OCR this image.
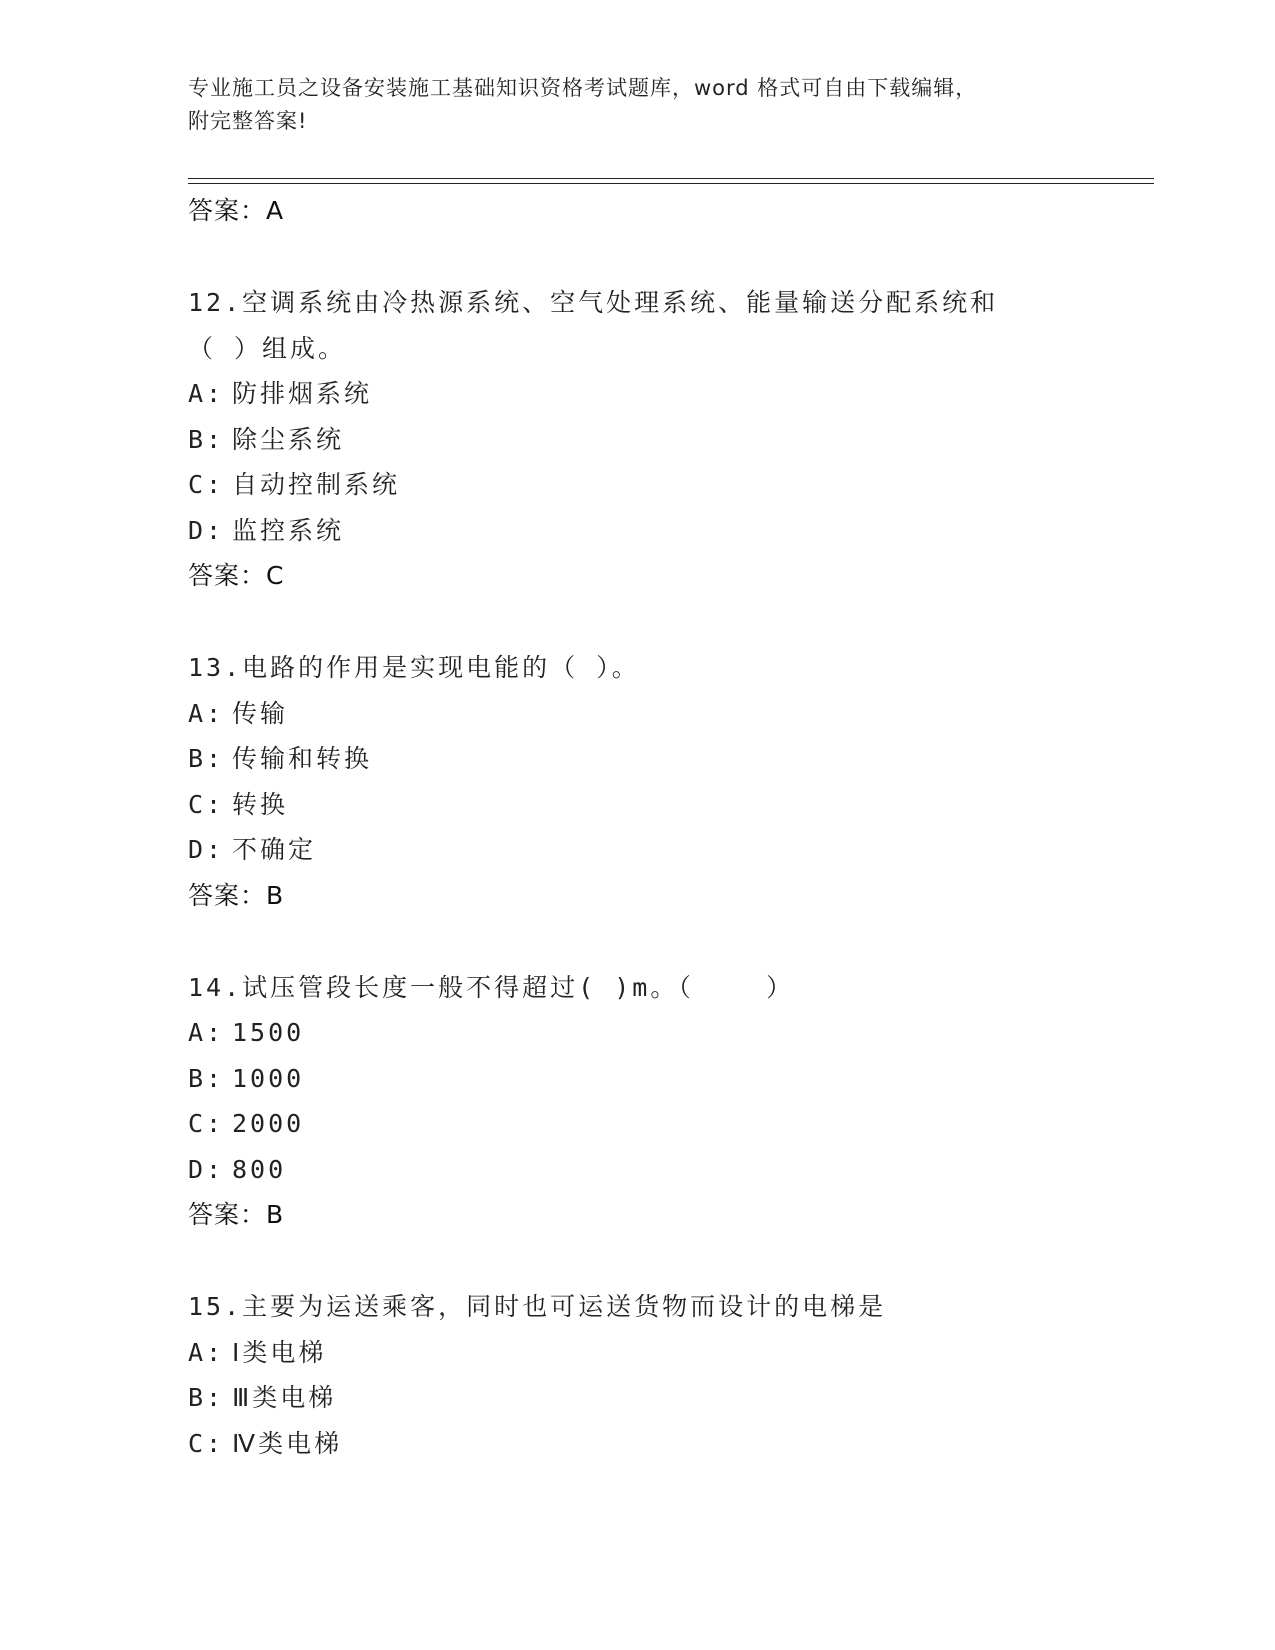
专业施工员之设备安装施工基础知识资格考试题库，word 格式可自由下载编辑，
附完整答案!
答案：A
12.空调系统由冷热源系统、空气处理系统、能量输送分配系统和（ ）组成。
A: 防排烟系统
B: 除尘系统
C: 自动控制系统
D: 监控系统
答案：C
13.电路的作用是实现电能的（ ）。
A: 传输
B: 传输和转换
C: 转换
D: 不确定
答案：B
14.试压管段长度一般不得超过( )m。（    ）
A: 1500
B: 1000
C: 2000
D: 800
答案：B
15.主要为运送乘客，同时也可运送货物而设计的电梯是
A: Ⅰ类电梯
B: Ⅲ类电梯
C: Ⅳ类电梯
